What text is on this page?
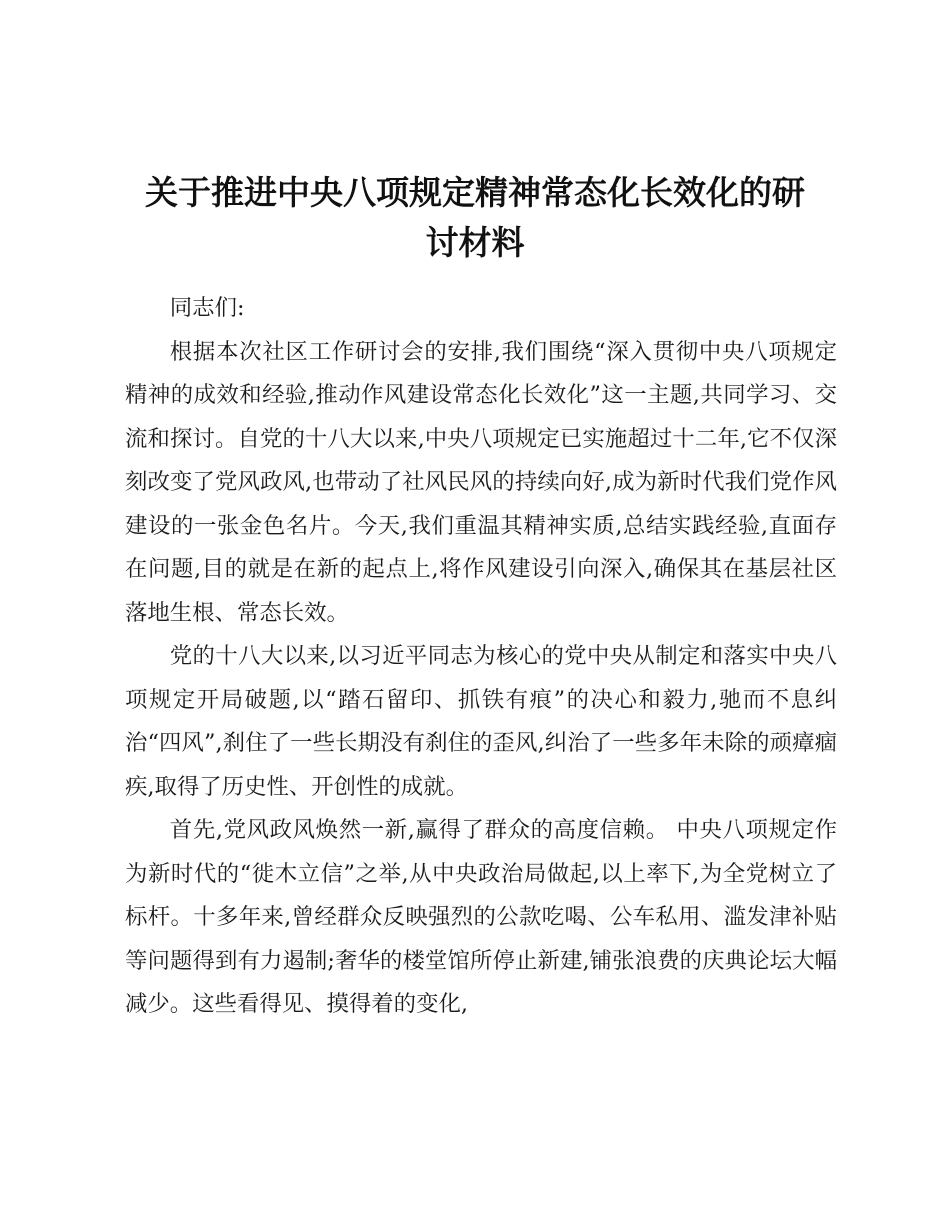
关于推进中央八项规定精神常态化长效化的研
讨材料

同志们:

根据本次社区工作研讨会的安排,我们围绕“深入贯彻中央八项规定精神的成效和经验,推动作风建设常态化长效化”这一主题,共同学习、交流和探讨。自党的十八大以来,中央八项规定已实施超过十二年,它不仅深刻改变了党风政风,也带动了社风民风的持续向好,成为新时代我们党作风建设的一张金色名片。今天,我们重温其精神实质,总结实践经验,直面存在问题,目的就是在新的起点上,将作风建设引向深入,确保其在基层社区落地生根、常态长效。

党的十八大以来,以习近平同志为核心的党中央从制定和落实中央八项规定开局破题,以“踏石留印、抓铁有痕”的决心和毅力,驰而不息纠治“四风”,刹住了一些长期没有刹住的歪风,纠治了一些多年未除的顽瘴痼疾,取得了历史性、开创性的成就。

首先,党风政风焕然一新,赢得了群众的高度信赖。 中央八项规定作为新时代的“徙木立信”之举,从中央政治局做起,以上率下,为全党树立了标杆。十多年来,曾经群众反映强烈的公款吃喝、公车私用、滥发津补贴等问题得到有力遏制;奢华的楼堂馆所停止新建,铺张浪费的庆典论坛大幅减少。这些看得见、摸得着的变化,
